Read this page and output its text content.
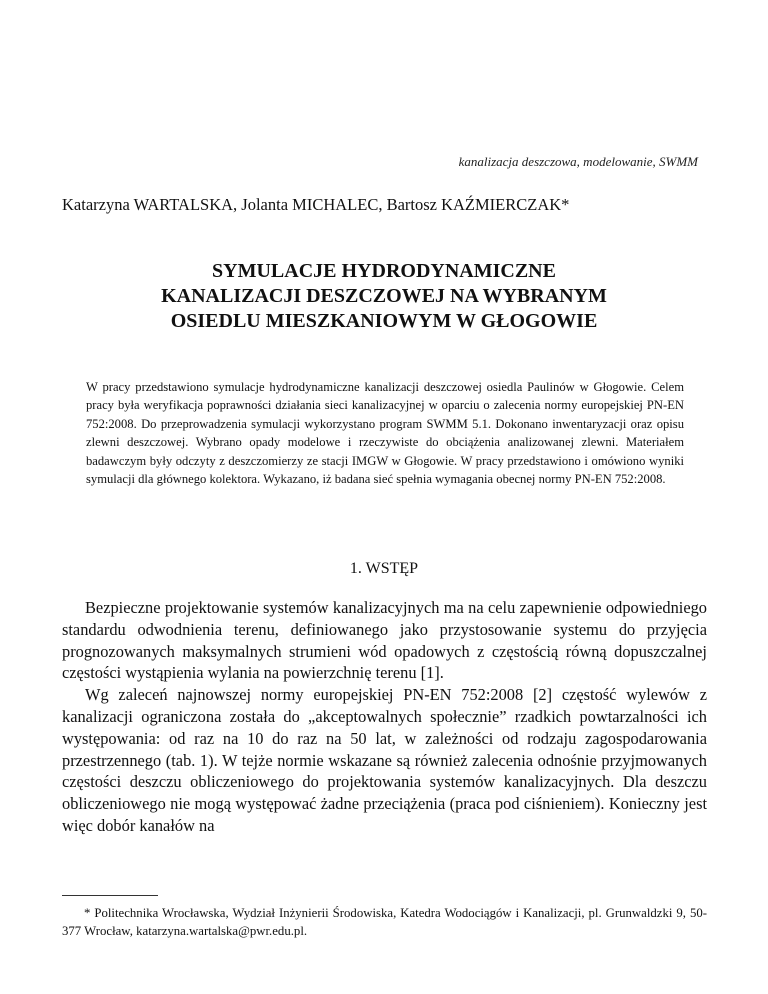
kanalizacja deszczowa, modelowanie, SWMM
Katarzyna WARTALSKA, Jolanta MICHALEC, Bartosz KAŹMIERCZAK*
SYMULACJE HYDRODYNAMICZNE
KANALIZACJI DESZCZOWEJ NA WYBRANYM
OSIEDLU MIESZKANIOWYM W GŁOGOWIE
W pracy przedstawiono symulacje hydrodynamiczne kanalizacji deszczowej osiedla Paulinów w Głogowie. Celem pracy była weryfikacja poprawności działania sieci kanalizacyjnej w oparciu o zalecenia normy europejskiej PN-EN 752:2008. Do przeprowadzenia symulacji wykorzystano program SWMM 5.1. Dokonano inwentaryzacji oraz opisu zlewni deszczowej. Wybrano opady modelowe i rzeczywiste do obciążenia analizowanej zlewni. Materiałem badawczym były odczyty z deszczomierzy ze stacji IMGW w Głogowie. W pracy przedstawiono i omówiono wyniki symulacji dla głównego kolektora. Wykazano, iż badana sieć spełnia wymagania obecnej normy PN-EN 752:2008.
1. WSTĘP

Bezpieczne projektowanie systemów kanalizacyjnych ma na celu zapewnienie odpowiedniego standardu odwodnienia terenu, definiowanego jako przystosowanie systemu do przyjęcia prognozowanych maksymalnych strumieni wód opadowych z częstością równą dopuszczalnej częstości wystąpienia wylania na powierzchnię terenu [1].

Wg zaleceń najnowszej normy europejskiej PN-EN 752:2008 [2] częstość wylewów z kanalizacji ograniczona została do „akceptowalnych społecznie” rzadkich powtarzalności ich występowania: od raz na 10 do raz na 50 lat, w zależności od rodzaju zagospodarowania przestrzennego (tab. 1). W tejże normie wskazane są również zalecenia odnośnie przyjmowanych częstości deszczu obliczeniowego do projektowania systemów kanalizacyjnych. Dla deszczu obliczeniowego nie mogą występować żadne przeciążenia (praca pod ciśnieniem). Konieczny jest więc dobór kanałów na

* Politechnika Wrocławska, Wydział Inżynierii Środowiska, Katedra Wodociągów i Kanalizacji, pl. Grunwaldzki 9, 50-377 Wrocław, katarzyna.wartalska@pwr.edu.pl.
